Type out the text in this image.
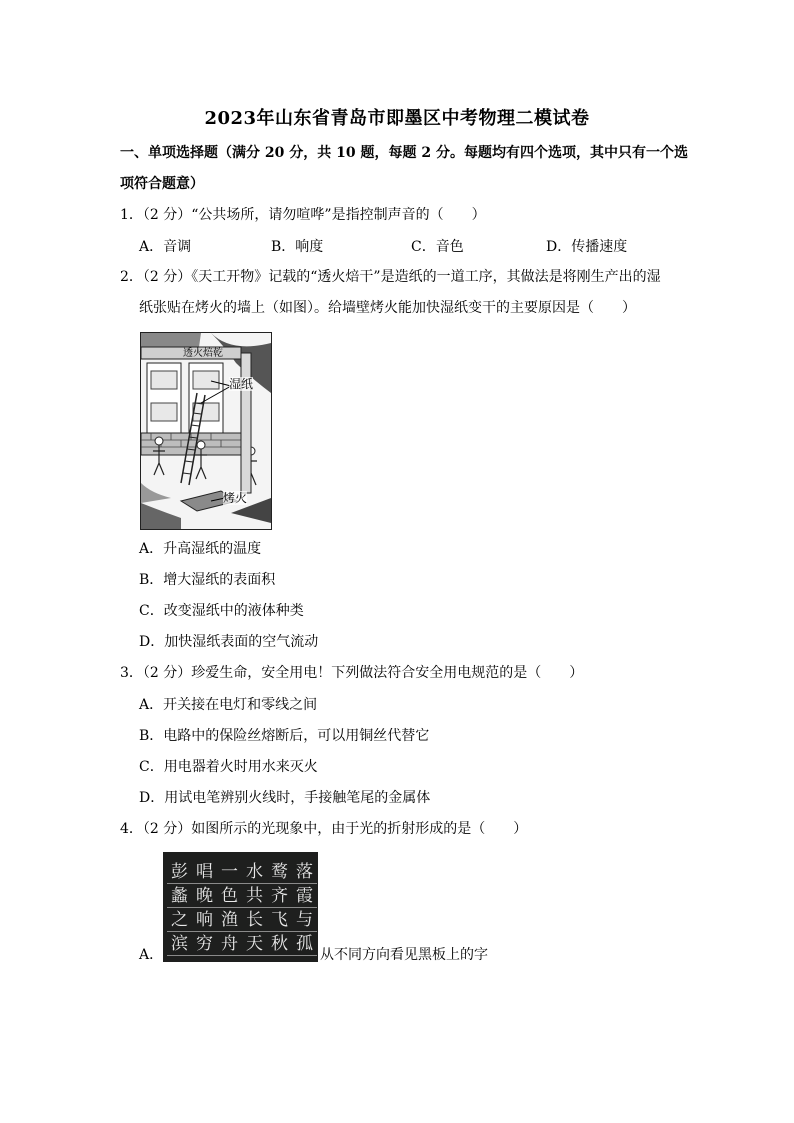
2023年山东省青岛市即墨区中考物理二模试卷
一、单项选择题（满分 20 分，共 10 题，每题 2 分。每题均有四个选项，其中只有一个选
项符合题意）
1．（2 分）“公共场所，请勿喧哗”是指控制声音的（　　）
A．音调	B．响度	C．音色	D．传播速度
2．（2 分）《天工开物》记载的“透火焙干”是造纸的一道工序，其做法是将刚生产出的湿
纸张贴在烤火的墙上（如图）。给墙壁烤火能加快湿纸变干的主要原因是（　　）
透火焙乾
湿纸
烤火
A．升高湿纸的温度
B．增大湿纸的表面积
C．改变湿纸中的液体种类
D．加快湿纸表面的空气流动
3．（2 分）珍爱生命，安全用电！下列做法符合安全用电规范的是（　　）
A．开关接在电灯和零线之间
B．电路中的保险丝熔断后，可以用铜丝代替它
C．用电器着火时用水来灭火
D．用试电笔辨别火线时，手接触笔尾的金属体
4．（2 分）如图所示的光现象中，由于光的折射形成的是（　　）
彭 唱 一 水 鹜 落
蠡 晚 色 共 齐 霞
之 响 渔 长 飞 与
滨 穷 舟 天 秋 孤
A．	从不同方向看见黑板上的字
